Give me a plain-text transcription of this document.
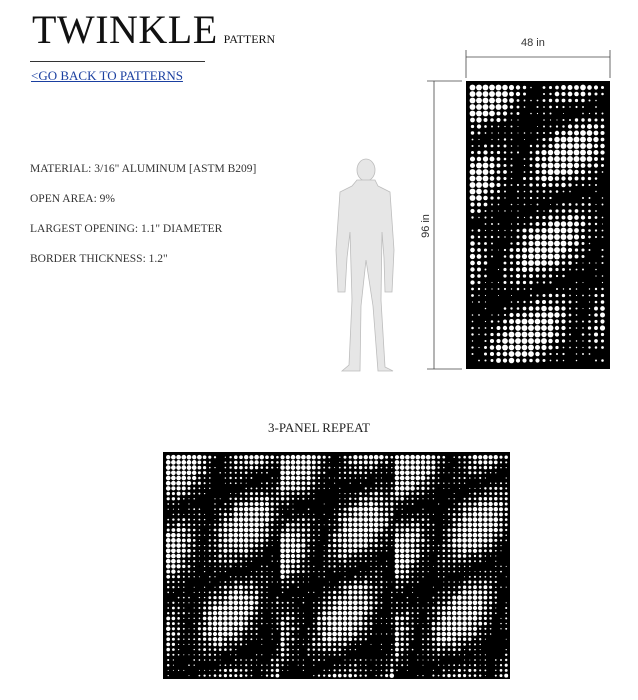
TWINKLE PATTERN
<GO BACK TO PATTERNS
MATERIAL: 3/16" ALUMINUM [ASTM B209]
OPEN AREA: 9%
LARGEST OPENING: 1.1" DIAMETER
BORDER THICKNESS: 1.2"
48 in
96 in
3-PANEL REPEAT
